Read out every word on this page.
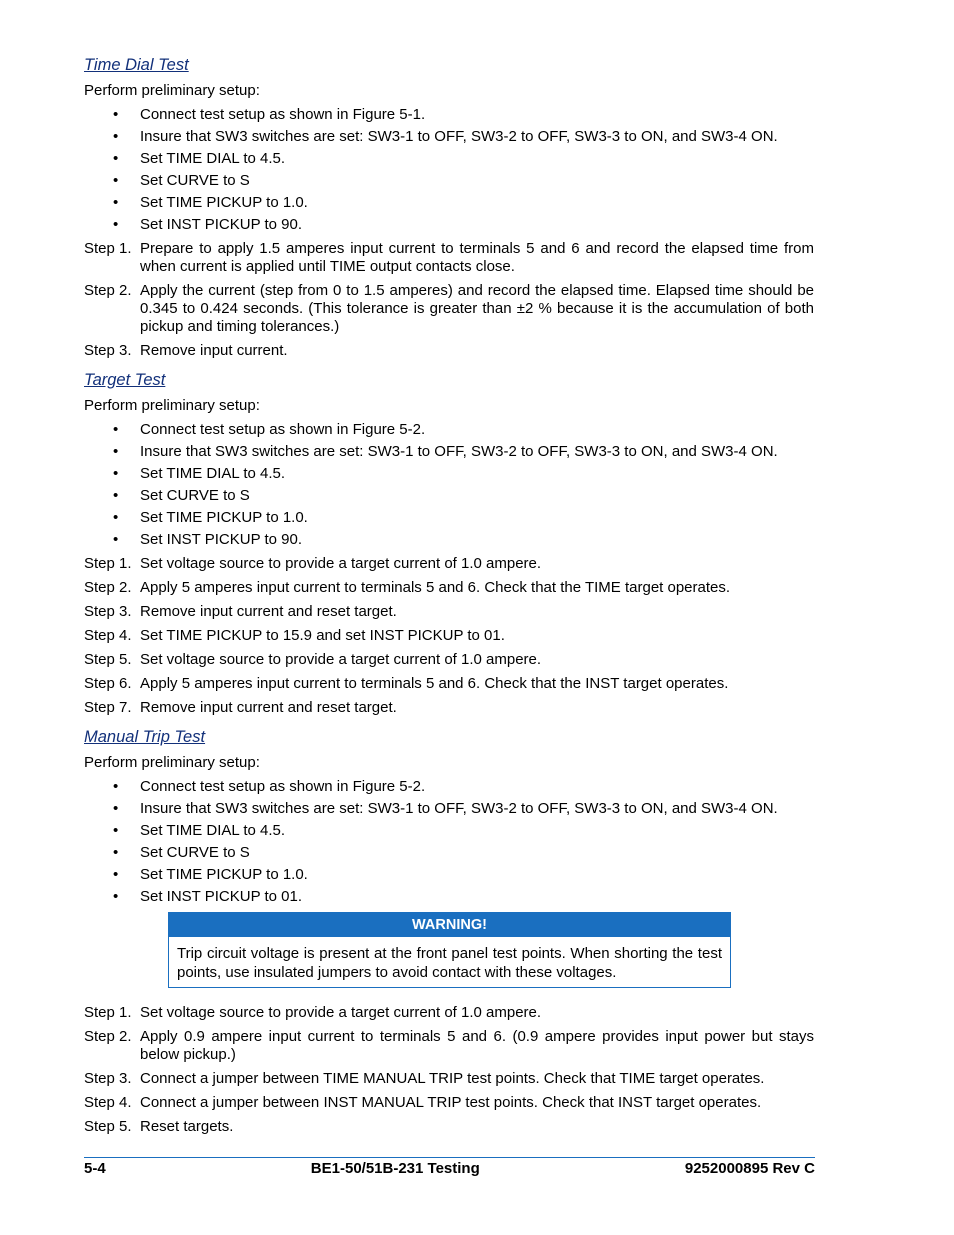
Time Dial Test
Perform preliminary setup:
• Connect test setup as shown in Figure 5-1.
• Insure that SW3 switches are set: SW3-1 to OFF, SW3-2 to OFF, SW3-3 to ON, and SW3-4 ON.
• Set TIME DIAL to 4.5.
• Set CURVE to S
• Set TIME PICKUP to 1.0.
• Set INST PICKUP to 90.
Step 1. Prepare to apply 1.5 amperes input current to terminals 5 and 6 and record the elapsed time from when current is applied until TIME output contacts close.
Step 2. Apply the current (step from 0 to 1.5 amperes) and record the elapsed time. Elapsed time should be 0.345 to 0.424 seconds. (This tolerance is greater than ±2 % because it is the accumulation of both pickup and timing tolerances.)
Step 3. Remove input current.
Target Test
Perform preliminary setup:
• Connect test setup as shown in Figure 5-2.
• Insure that SW3 switches are set: SW3-1 to OFF, SW3-2 to OFF, SW3-3 to ON, and SW3-4 ON.
• Set TIME DIAL to 4.5.
• Set CURVE to S
• Set TIME PICKUP to 1.0.
• Set INST PICKUP to 90.
Step 1. Set voltage source to provide a target current of 1.0 ampere.
Step 2. Apply 5 amperes input current to terminals 5 and 6. Check that the TIME target operates.
Step 3. Remove input current and reset target.
Step 4. Set TIME PICKUP to 15.9 and set INST PICKUP to 01.
Step 5. Set voltage source to provide a target current of 1.0 ampere.
Step 6. Apply 5 amperes input current to terminals 5 and 6. Check that the INST target operates.
Step 7. Remove input current and reset target.
Manual Trip Test
Perform preliminary setup:
• Connect test setup as shown in Figure 5-2.
• Insure that SW3 switches are set: SW3-1 to OFF, SW3-2 to OFF, SW3-3 to ON, and SW3-4 ON.
• Set TIME DIAL to 4.5.
• Set CURVE to S
• Set TIME PICKUP to 1.0.
• Set INST PICKUP to 01.
WARNING!
Trip circuit voltage is present at the front panel test points. When shorting the test points, use insulated jumpers to avoid contact with these voltages.
Step 1. Set voltage source to provide a target current of 1.0 ampere.
Step 2. Apply 0.9 ampere input current to terminals 5 and 6. (0.9 ampere provides input power but stays below pickup.)
Step 3. Connect a jumper between TIME MANUAL TRIP test points. Check that TIME target operates.
Step 4. Connect a jumper between INST MANUAL TRIP test points. Check that INST target operates.
Step 5. Reset targets.
5-4	BE1-50/51B-231 Testing	9252000895 Rev C
